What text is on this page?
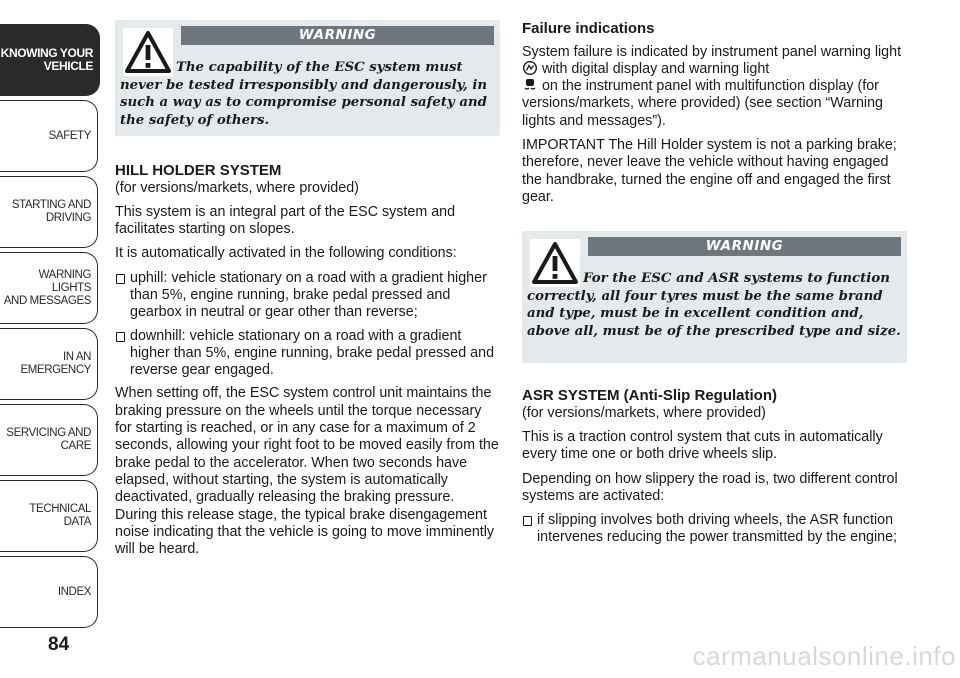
KNOWING YOUR
VEHICLE
SAFETY
STARTING AND
DRIVING
WARNING LIGHTS
AND MESSAGES
IN AN EMERGENCY
SERVICING AND
CARE
TECHNICAL DATA
INDEX
84
WARNING
The capability of the ESC system must never be tested irresponsibly and dangerously, in such a way as to compromise personal safety and the safety of others.

HILL HOLDER SYSTEM

(for versions/markets, where provided)

This system is an integral part of the ESC system and facilitates starting on slopes.

It is automatically activated in the following conditions:

uphill: vehicle stationary on a road with a gradient higher than 5%, engine running, brake pedal pressed and gearbox in neutral or gear other than reverse;
downhill: vehicle stationary on a road with a gradient higher than 5%, engine running, brake pedal pressed and reverse gear engaged.

When setting off, the ESC system control unit maintains the braking pressure on the wheels until the torque necessary for starting is reached, or in any case for a maximum of 2 seconds, allowing your right foot to be moved easily from the brake pedal to the accelerator. When two seconds have elapsed, without starting, the system is automatically deactivated, gradually releasing the braking pressure. During this release stage, the typical brake disengagement noise indicating that the vehicle is going to move imminently will be heard.

Failure indications

System failure is indicated by instrument panel warning light  with digital display and warning light
on the instrument panel with multifunction display (for versions/markets, where provided) (see section “Warning lights and messages”).

IMPORTANT The Hill Holder system is not a parking brake; therefore, never leave the vehicle without having engaged the handbrake, turned the engine off and engaged the first gear.

WARNING
For the ESC and ASR systems to function correctly, all four tyres must be the same brand and type, must be in excellent condition and, above all, must be of the prescribed type and size.

ASR SYSTEM (Anti-Slip Regulation)

(for versions/markets, where provided)

This is a traction control system that cuts in automatically every time one or both drive wheels slip.

Depending on how slippery the road is, two different control systems are activated:

if slipping involves both driving wheels, the ASR function intervenes reducing the power transmitted by the engine;
carmanualsonline.info
